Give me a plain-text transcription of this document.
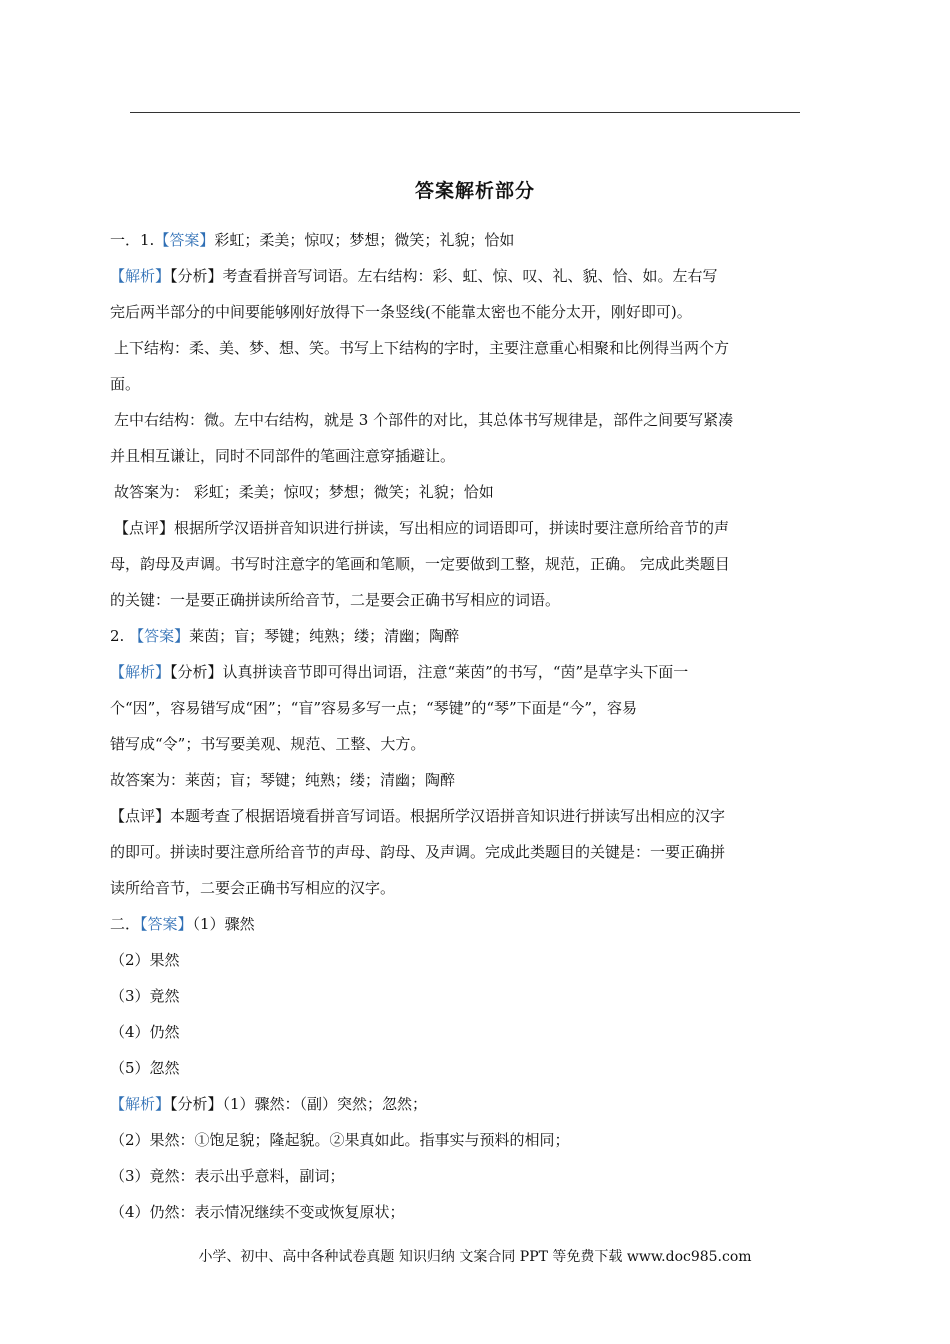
答案解析部分
一．1.【答案】彩虹；柔美；惊叹；梦想；微笑；礼貌；恰如
【解析】【分析】考查看拼音写词语。左右结构：彩、虹、惊、叹、礼、貌、恰、如。左右写
完后两半部分的中间要能够刚好放得下一条竖线(不能靠太密也不能分太开，刚好即可)。
上下结构：柔、美、梦、想、笑。书写上下结构的字时，主要注意重心相聚和比例得当两个方
面。
左中右结构：微。左中右结构，就是 3 个部件的对比，其总体书写规律是，部件之间要写紧凑
并且相互谦让，同时不同部件的笔画注意穿插避让。
故答案为： 彩虹；柔美；惊叹；梦想；微笑；礼貌；恰如
【点评】根据所学汉语拼音知识进行拼读，写出相应的词语即可，拼读时要注意所给音节的声
母，韵母及声调。书写时注意字的笔画和笔顺，一定要做到工整，规范，正确。 完成此类题目
的关键：一是要正确拼读所给音节，二是要会正确书写相应的词语。
2. 【答案】莱茵；盲；琴键；纯熟；缕；清幽；陶醉
【解析】【分析】认真拼读音节即可得出词语，注意“莱茵”的书写，“茵”是草字头下面一
个“因”，容易错写成“困”；“盲”容易多写一点；“琴键”的“琴”下面是“今”，容易
错写成“令”；书写要美观、规范、工整、大方。
故答案为：莱茵；盲；琴键；纯熟；缕；清幽；陶醉
【点评】本题考查了根据语境看拼音写词语。根据所学汉语拼音知识进行拼读写出相应的汉字
的即可。拼读时要注意所给音节的声母、韵母、及声调。完成此类题目的关键是：一要正确拼
读所给音节，二要会正确书写相应的汉字。
二．【答案】（1）骤然
（2）果然
（3）竟然
（4）仍然
（5）忽然
【解析】【分析】（1）骤然：（副）突然；忽然；
（2）果然：①饱足貌；隆起貌。②果真如此。指事实与预料的相同；
（3）竟然：表示出乎意料，副词；
（4）仍然：表示情况继续不变或恢复原状；
小学、初中、高中各种试卷真题 知识归纳 文案合同 PPT 等免费下载 www.doc985.com
